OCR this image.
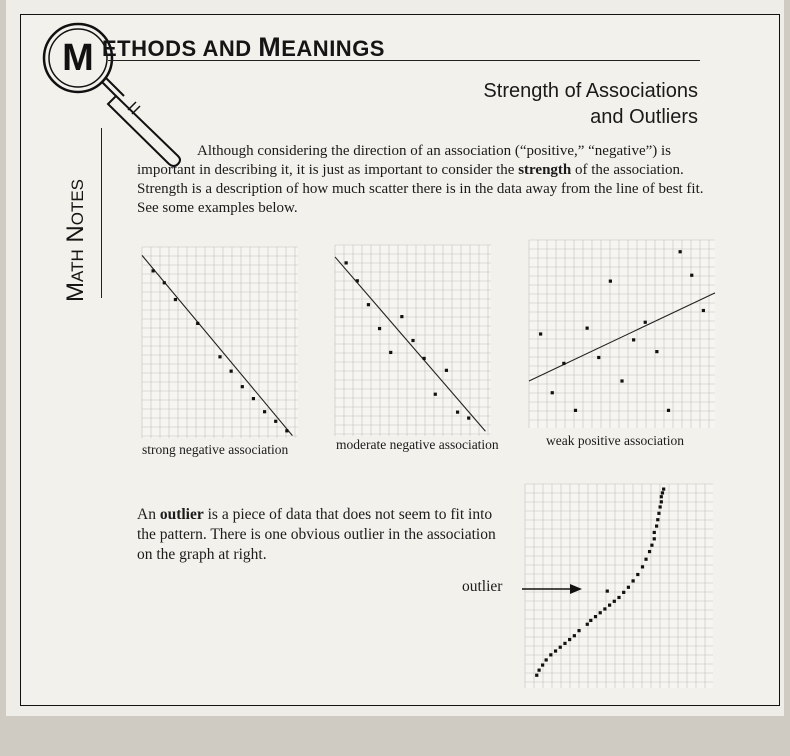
M ETHODS AND MEANINGS
Math Notes
Strength of Associations
and Outliers

Although considering the direction of an association (“positive,” “negative”) is important in describing it, it is just as important to consider the strength of the association. Strength is a description of how much scatter there is in the data away from the line of best fit. See some examples below.

strong negative association	moderate negative association	weak positive association

An outlier is a piece of data that does not seem to fit into the pattern. There is one obvious outlier in the association on the graph at right.

outlier
